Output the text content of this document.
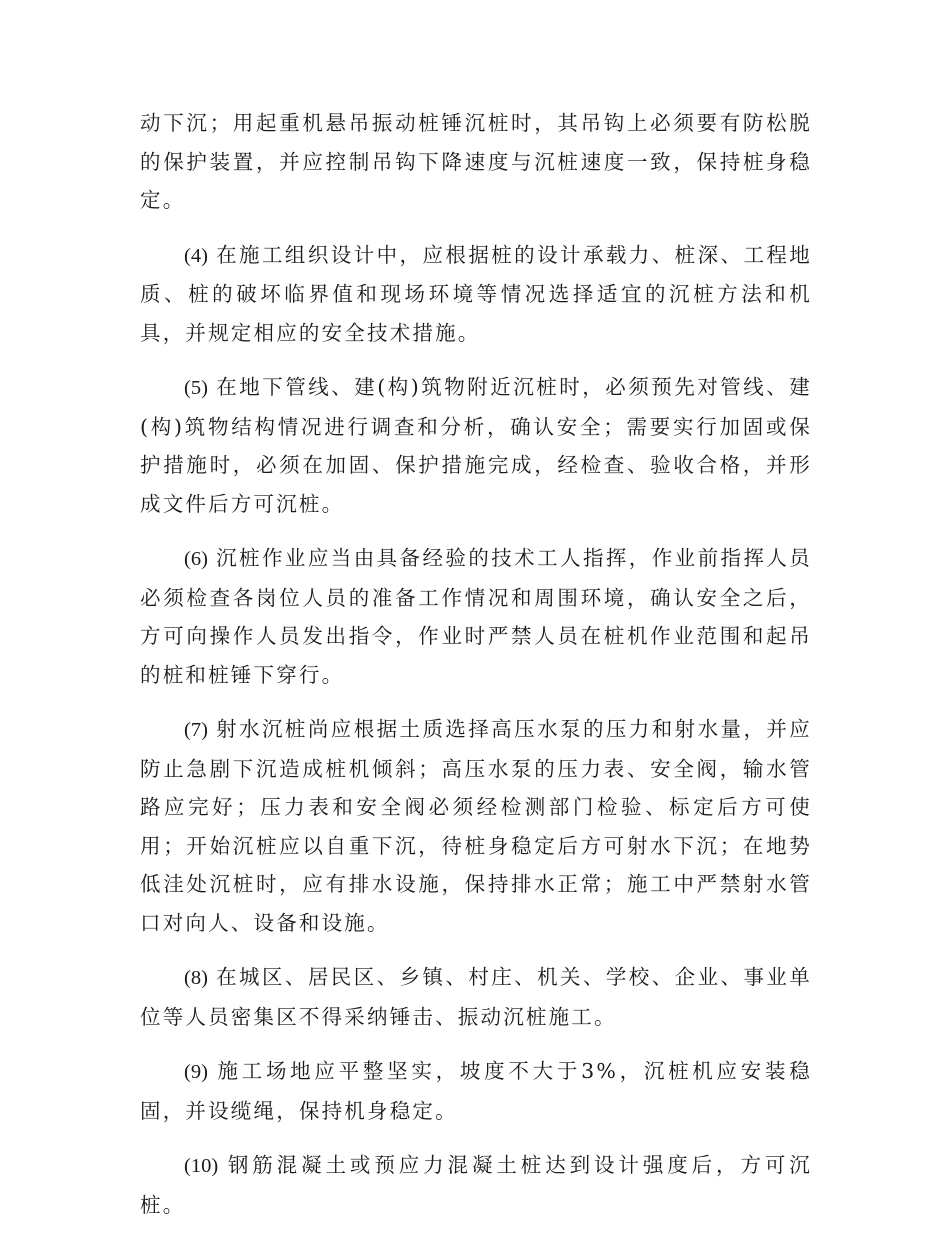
动下沉；用起重机悬吊振动桩锤沉桩时，其吊钩上必须要有防松脱的保护装置，并应控制吊钩下降速度与沉桩速度一致，保持桩身稳定。

(4) 在施工组织设计中，应根据桩的设计承载力、桩深、工程地质、桩的破坏临界值和现场环境等情况选择适宜的沉桩方法和机具，并规定相应的安全技术措施。

(5) 在地下管线、建(构)筑物附近沉桩时，必须预先对管线、建(构)筑物结构情况进行调查和分析，确认安全；需要实行加固或保护措施时，必须在加固、保护措施完成，经检查、验收合格，并形成文件后方可沉桩。

(6) 沉桩作业应当由具备经验的技术工人指挥，作业前指挥人员必须检查各岗位人员的准备工作情况和周围环境，确认安全之后，方可向操作人员发出指令，作业时严禁人员在桩机作业范围和起吊的桩和桩锤下穿行。

(7) 射水沉桩尚应根据土质选择高压水泵的压力和射水量，并应防止急剧下沉造成桩机倾斜；高压水泵的压力表、安全阀，输水管路应完好；压力表和安全阀必须经检测部门检验、标定后方可使用；开始沉桩应以自重下沉，待桩身稳定后方可射水下沉；在地势低洼处沉桩时，应有排水设施，保持排水正常；施工中严禁射水管口对向人、设备和设施。

(8) 在城区、居民区、乡镇、村庄、机关、学校、企业、事业单位等人员密集区不得采纳锤击、振动沉桩施工。

(9) 施工场地应平整坚实，坡度不大于3%，沉桩机应安装稳固，并设缆绳，保持机身稳定。

(10) 钢筋混凝土或预应力混凝土桩达到设计强度后，方可沉桩。
